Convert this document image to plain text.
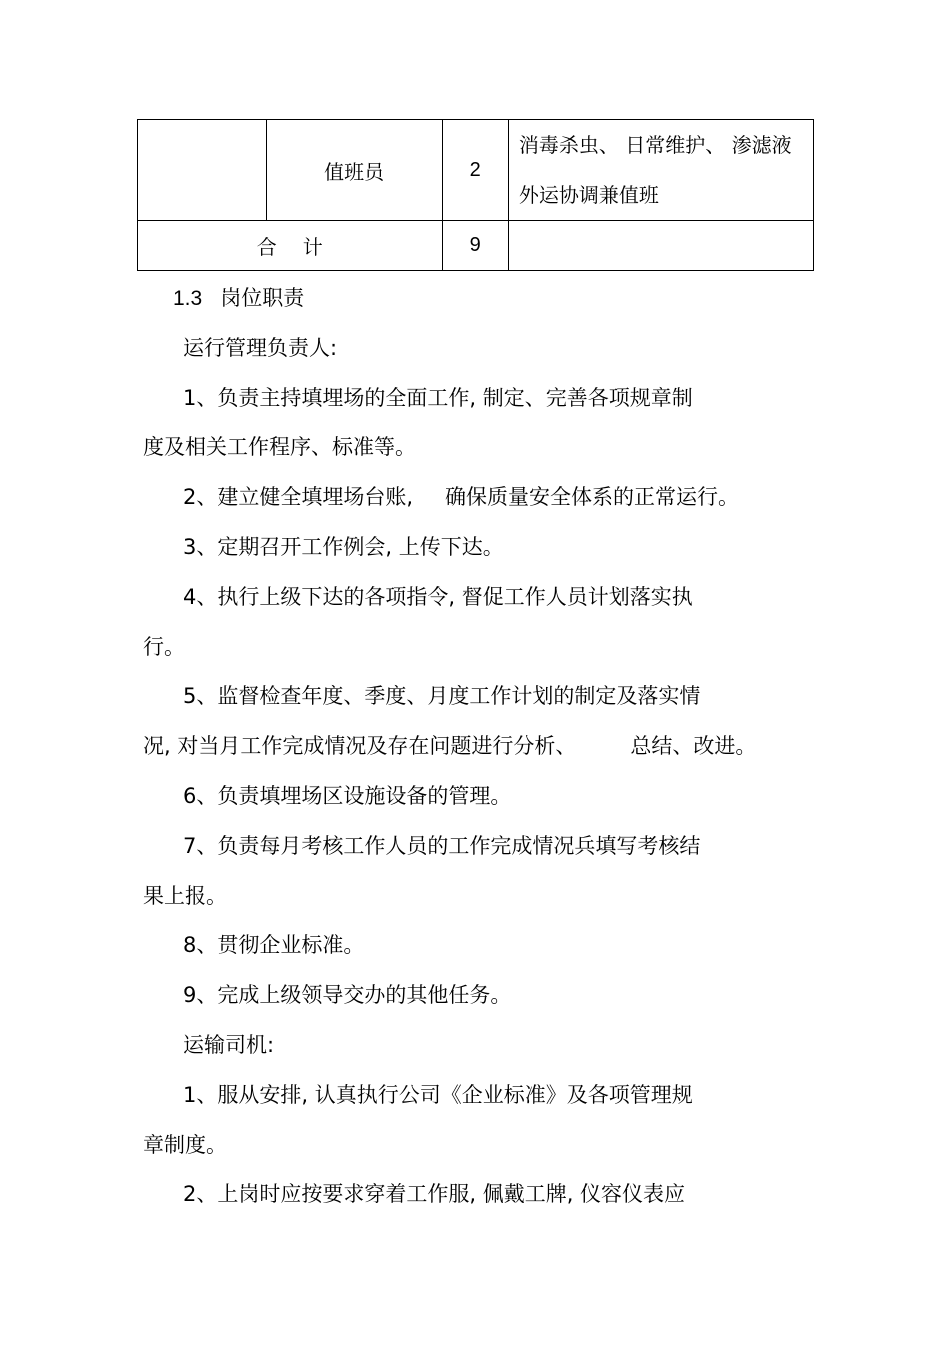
	值班员	2	消毒杀虫、 日常维护、 渗滤液
外运协调兼值班

合计		9	
1.3 岗位职责
运行管理负责人:
1、负责主持填埋场的全面工作, 制定、完善各项规章制
度及相关工作程序、标准等。
2、建立健全填埋场台账, 确保质量安全体系的正常运行。
3、定期召开工作例会, 上传下达。
4、执行上级下达的各项指令, 督促工作人员计划落实执
行。
5、监督检查年度、季度、月度工作计划的制定及落实情
况, 对当月工作完成情况及存在问题进行分析、	总结、改进。
6、负责填埋场区设施设备的管理。
7、负责每月考核工作人员的工作完成情况兵填写考核结
果上报。
8、贯彻企业标准。
9、完成上级领导交办的其他任务。
运输司机:
1、服从安排, 认真执行公司《企业标准》及各项管理规
章制度。
2、上岗时应按要求穿着工作服, 佩戴工牌, 仪容仪表应
